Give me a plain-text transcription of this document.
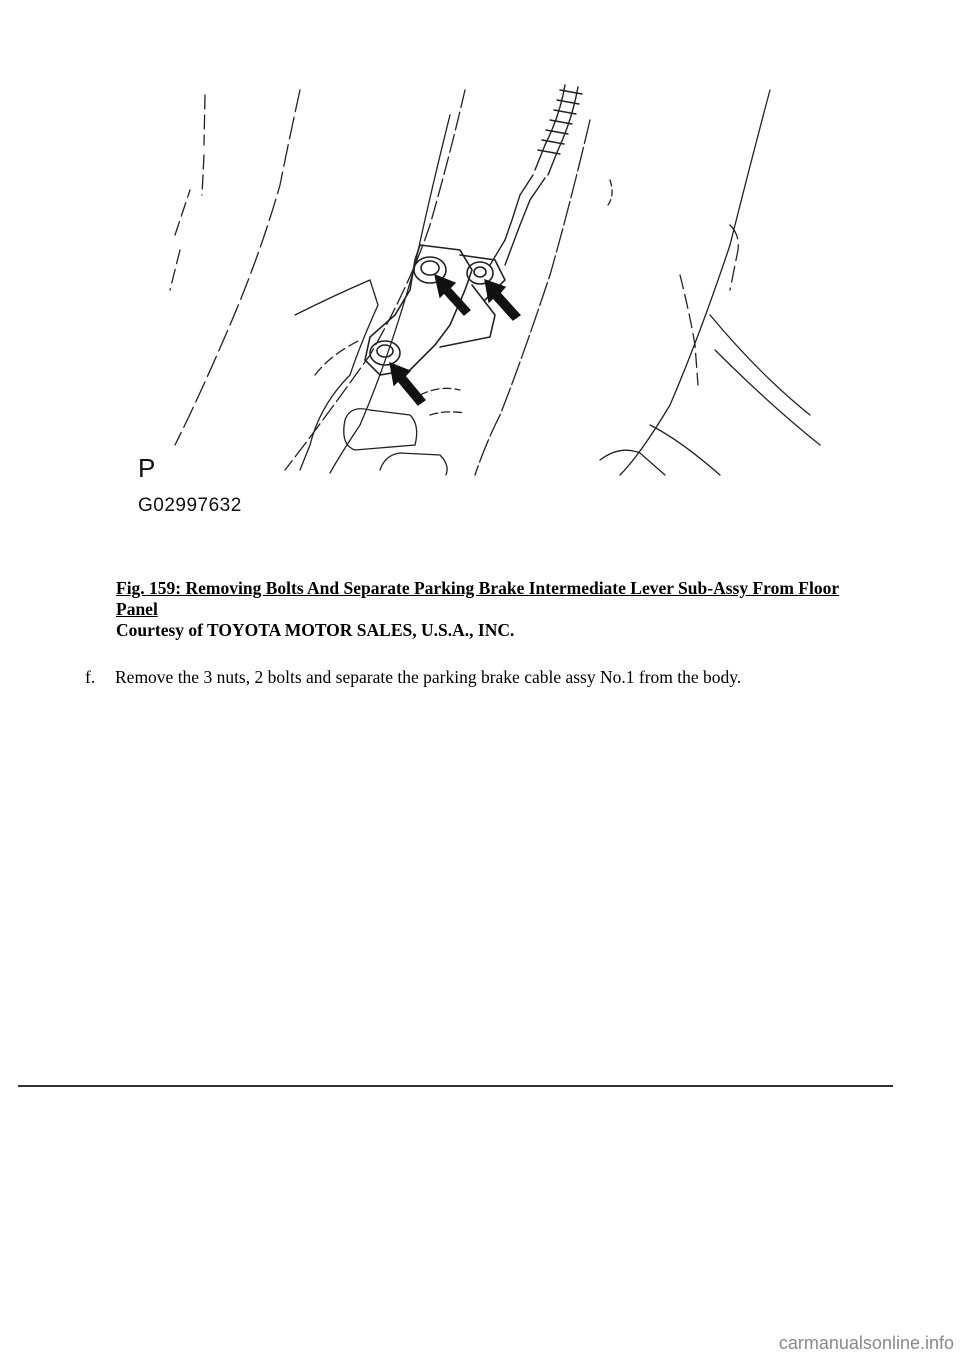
P
G02997632
Fig. 159: Removing Bolts And Separate Parking Brake Intermediate Lever Sub-Assy From Floor Panel
Courtesy of TOYOTA MOTOR SALES, U.S.A., INC.
f. Remove the 3 nuts, 2 bolts and separate the parking brake cable assy No.1 from the body.
carmanualsonline.info
